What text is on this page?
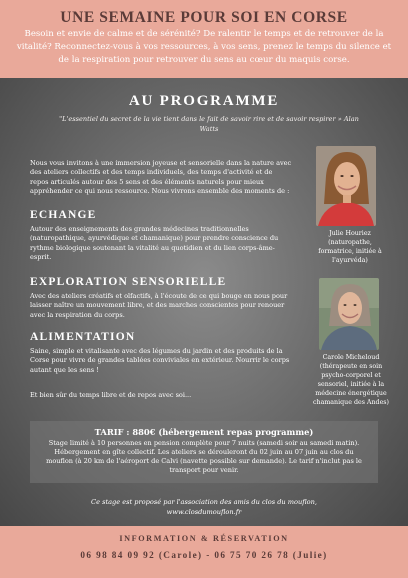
UNE SEMAINE POUR SOI EN CORSE

Besoin et envie de calme et de sérénité? De ralentir le temps et de retrouver de la vitalité? Reconnectez-vous à vos ressources, à vos sens, prenez le temps du silence et de la respiration pour retrouver du sens au cœur du maquis corse.

AU PROGRAMME
"L'essentiel du secret de la vie tient dans le fait de savoir rire et de savoir respirer » Alan Watts
Nous vous invitons à une immersion joyeuse et sensorielle dans la nature avec des ateliers collectifs et des temps individuels, des temps d'activité et de repos articulés autour des 5 sens et des éléments naturels pour mieux appréhender ce qui nous ressource. Nous vivrons ensemble des moments de :
ECHANGE
Autour des enseignements des grandes médecines traditionnelles (naturopathique, ayurvédique et chamanique) pour prendre conscience du rythme biologique soutenant la vitalité au quotidien et du lien corps-âme-esprit.
EXPLORATION SENSORIELLE
Avec des ateliers créatifs et olfactifs, à l'écoute de ce qui bouge en nous pour laisser naître un mouvement libre, et des marches conscientes pour renouer avec la respiration du corps.
ALIMENTATION
Saine, simple et vitalisante avec des légumes du jardin et des produits de la Corse pour vivre de grandes tablées conviviales en extérieur. Nourrir le corps autant que les sens !
Et bien sûr du temps libre et de repos avec soi...
Julie Houriez
(naturopathe,
formatrice, initiée à
l'ayurvéda)
Carole Micheloud
(thérapeute en soin
psycho-corporel et
sensoriel, initiée à la
médecine énergétique
chamanique des Andes)
TARIF : 880€ (hébergement repas programme)
Stage limité à 10 personnes en pension complète pour 7 nuits (samedi soir au samedi matin). Hébergement en gîte collectif. Les ateliers se dérouleront du 02 juin au 07 juin au clos du mouflon (à 20 km de l'aéroport de Calvi (navette possible sur demande). Le tarif n'inclut pas le transport pour venir.
Ce stage est proposé par l'association des amis du clos du mouflon,
www.closdumouflon.fr
INFORMATION & RÉSERVATION
06 98 84 09 92 (Carole) - 06 75 70 26 78 (Julie)
